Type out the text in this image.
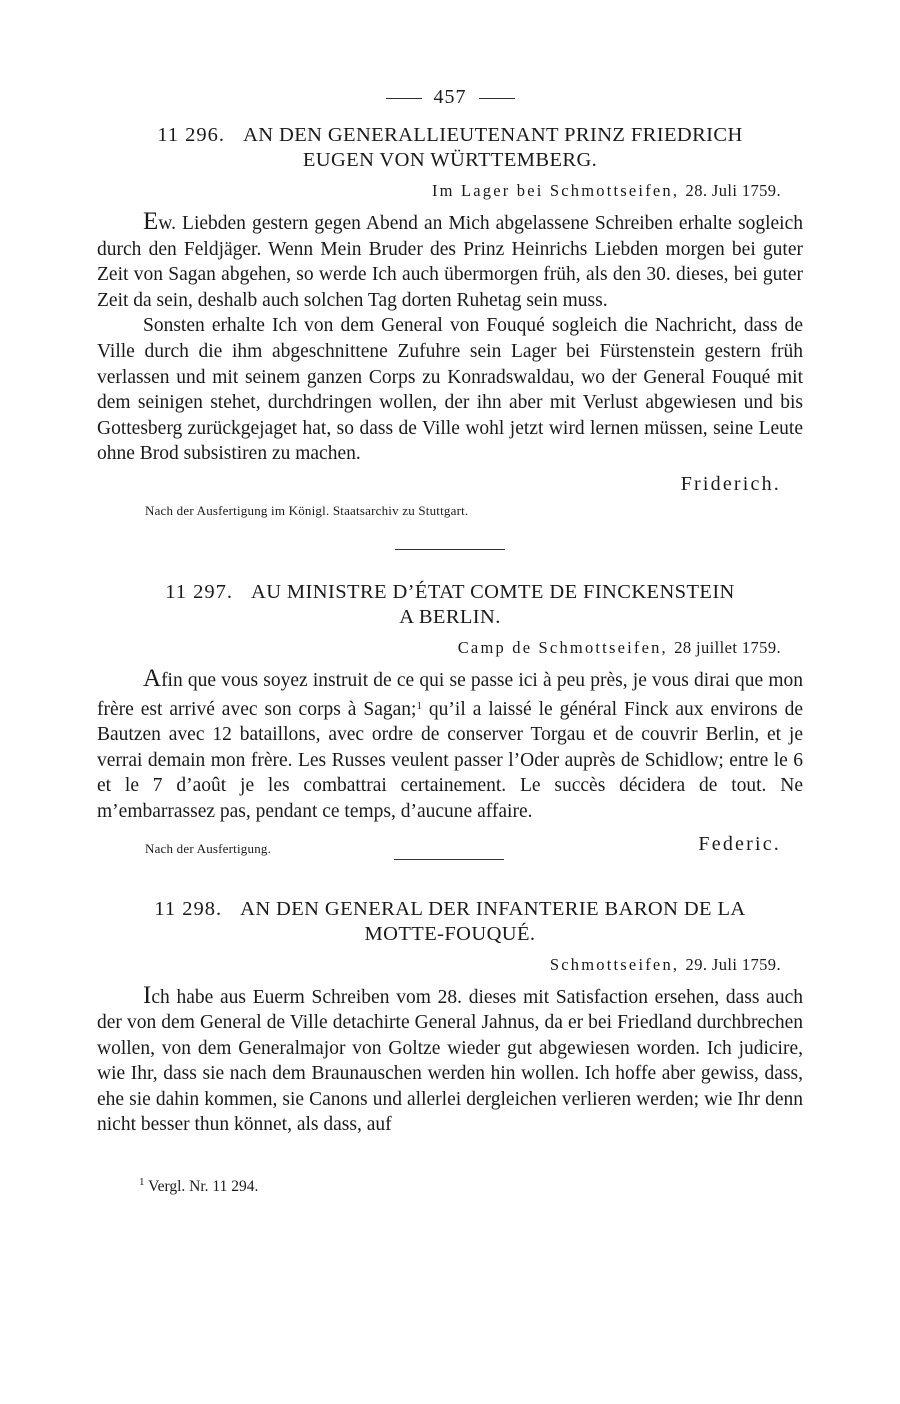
457
11 296. AN DEN GENERALLIEUTENANT PRINZ FRIEDRICH
EUGEN VON WÜRTTEMBERG.
Im Lager bei Schmottseifen, 28. Juli 1759.

Ew. Liebden gestern gegen Abend an Mich abgelassene Schreiben erhalte sogleich durch den Feldjäger. Wenn Mein Bruder des Prinz Heinrichs Liebden morgen bei guter Zeit von Sagan abgehen, so werde Ich auch übermorgen früh, als den 30. dieses, bei guter Zeit da sein, deshalb auch solchen Tag dorten Ruhetag sein muss.

Sonsten erhalte Ich von dem General von Fouqué sogleich die Nachricht, dass de Ville durch die ihm abgeschnittene Zufuhre sein Lager bei Fürstenstein gestern früh verlassen und mit seinem ganzen Corps zu Konradswaldau, wo der General Fouqué mit dem seinigen stehet, durchdringen wollen, der ihn aber mit Verlust abgewiesen und bis Gottesberg zurückgejaget hat, so dass de Ville wohl jetzt wird lernen müssen, seine Leute ohne Brod subsistiren zu machen.

Friderich.
Nach der Ausfertigung im Königl. Staatsarchiv zu Stuttgart.
11 297. AU MINISTRE D’ÉTAT COMTE DE FINCKENSTEIN
A BERLIN.
Camp de Schmottseifen, 28 juillet 1759.

Afin que vous soyez instruit de ce qui se passe ici à peu près, je vous dirai que mon frère est arrivé avec son corps à Sagan;$^1$ qu’il a laissé le général Finck aux environs de Bautzen avec 12 bataillons, avec ordre de conserver Torgau et de couvrir Berlin, et je verrai demain mon frère. Les Russes veulent passer l’Oder auprès de Schidlow; entre le 6 et le 7 d’août je les combattrai certainement. Le succès décidera de tout. Ne m’embarrassez pas, pendant ce temps, d’aucune affaire.

Nach der Ausfertigung.	Federic.
11 298. AN DEN GENERAL DER INFANTERIE BARON DE LA
MOTTE-FOUQUÉ.
Schmottseifen, 29. Juli 1759.

Ich habe aus Euerm Schreiben vom 28. dieses mit Satisfaction ersehen, dass auch der von dem General de Ville detachirte General Jahnus, da er bei Friedland durchbrechen wollen, von dem Generalmajor von Goltze wieder gut abgewiesen worden. Ich judicire, wie Ihr, dass sie nach dem Braunauschen werden hin wollen. Ich hoffe aber gewiss, dass, ehe sie dahin kommen, sie Canons und allerlei dergleichen verlieren werden; wie Ihr denn nicht besser thun könnet, als dass, auf

$^1$ Vergl. Nr. 11 294.
